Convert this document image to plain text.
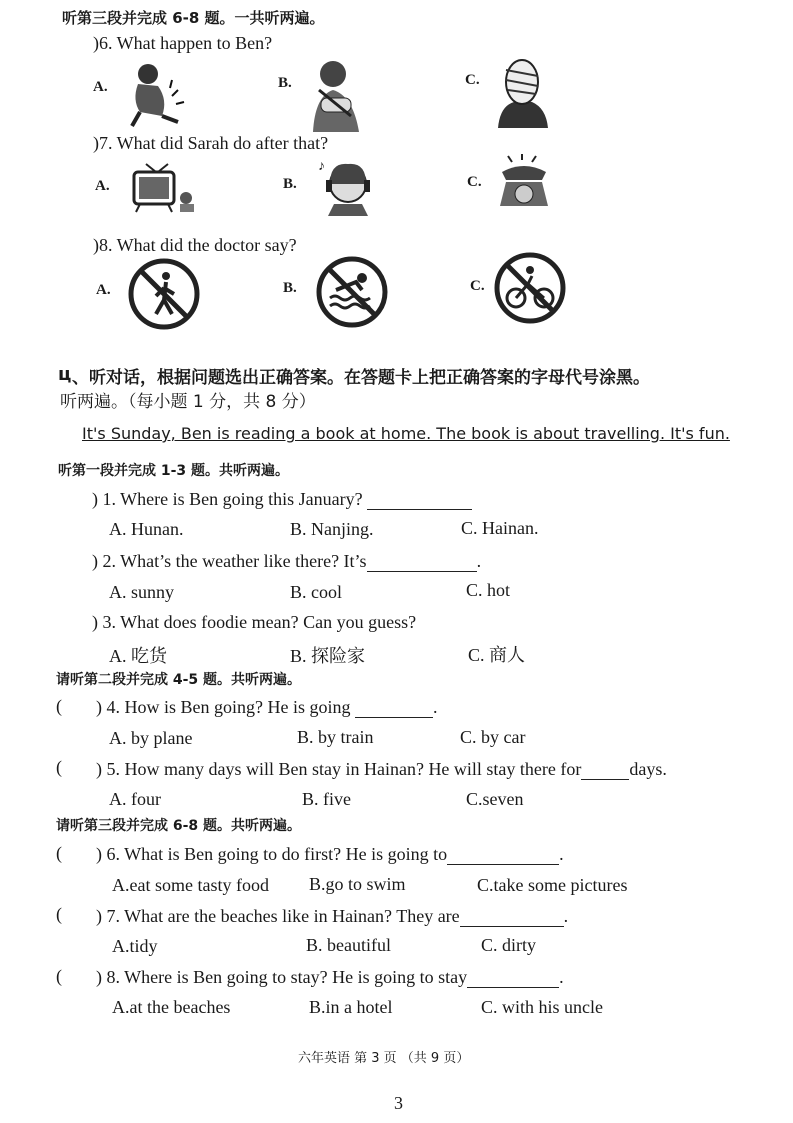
听第三段并完成 6-8 题。一共听两遍。
)6. What happen to Ben?
A.	B.	C.
)7. What did Sarah do after that?
A.	B.	C.
♪
)8. What did the doctor say?
A.	B.	C.
ц 、听对话，根据问题选出正确答案。在答题卡上把正确答案的字母代号涂黑。
听两遍。（每小题 1 分，共 8 分）
It's Sunday, Ben is reading a book at home. The book is about travelling. It's fun.
听第一段并完成 1-3 题。共听两遍。
) 1. Where is Ben going this January?
A. Hunan.	B. Nanjing.	C. Hainan.
) 2. What’s the weather like there? It’s	.
A. sunny	B. cool	C. hot
) 3. What does foodie mean? Can you guess?
A. 吃货	B. 探险家	C. 商人
请听第二段并完成 4-5 题。共听两遍。
( ) 4. How is Ben going? He is going	.
A. by plane	B. by train	C. by car
( ) 5. How many days will Ben stay in Hainan? He will stay there for	days.
A. four	B. five	C.seven
请听第三段并完成 6-8 题。共听两遍。
( ) 6. What is Ben going to do first? He is going to	.
A.eat some tasty food B.go to swim	C.take some pictures
( ) 7. What are the beaches like in Hainan? They are	.
A.tidy	B. beautiful	C. dirty
( ) 8. Where is Ben going to stay? He is going to stay	.
A.at the beaches	B.in a hotel	C. with his uncle
六年英语 第 3 页 （共 9 页）
3
